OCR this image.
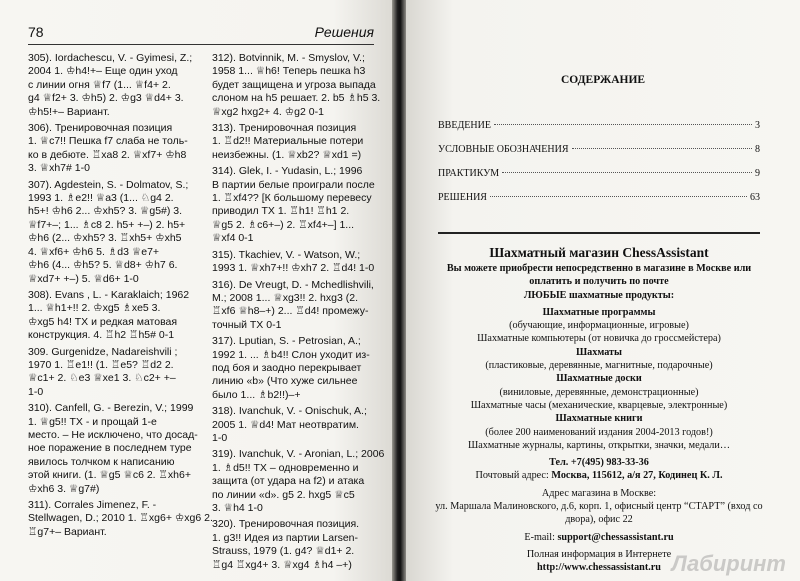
78	Решения
305). Iordachescu, V. - Gyimesi, Z.;
2004 1. ♔h4!+– Еще один уход
с линии огня ♕f7 (1... ♕f4+ 2.
g4 ♕f2+ 3. ♔h5) 2. ♔g3 ♕d4+ 3.
♔h5!+– Вариант.
306). Тренировочная позиция
1. ♕c7!! Пешка f7 слаба не толь-
ко в дебюте. ♖xa8 2. ♕xf7+ ♔h8
3. ♕xh7# 1-0
307). Agdestein, S. - Dolmatov, S.;
1993 1. ♗e2!! ♕a3 (1... ♘g4 2.
h5+! ♔h6 2... ♔xh5? 3. ♕g5#) 3.
♕f7+–; 1... ♗c8 2. h5+ +–) 2. h5+
♔h6 (2... ♔xh5? 3. ♖xh5+ ♔xh5
4. ♕xf6+ ♔h6 5. ♗d3 ♕e7+
♔h6 (4... ♔h5? 5. ♕d8+ ♔h7 6.
♕xd7+ +–) 5. ♕d6+ 1-0
308). Evans , L. - Karaklaich; 1962
1... ♕h1+!! 2. ♔xg5 ♗xe5 3.
♔xg5 h4! ТХ и редкая матовая
конструкция. 4. ♖h2 ♖h5# 0-1
309. Gurgenidze, Nadareishvili ;
1970 1. ♖e1!! (1. ♖e5? ♖d2 2.
♕c1+ 2. ♘e3 ♕xe1 3. ♘c2+ +–
1-0
310). Canfell, G. - Berezin, V.; 1999
1. ♕g5!! ТХ - и прощай 1-е
место. – Не исключено, что досад-
ное поражение в последнем туре
явилось толчком к написанию
этой книги. (1. ♕g5 ♕c6 2. ♖xh6+
♔xh6 3. ♕g7#)
311). Corrales Jimenez, F. -
Stellwagen, D.; 2010 1. ♖xg6+ ♔xg6 2.
♖g7+– Вариант.
312). Botvinnik, M. - Smyslov, V.;
1958 1... ♕h6! Теперь пешка h3
будет защищена и угроза выпада
слоном на h5 решает. 2. b5 ♗h5 3.
♕xg2 hxg2+ 4. ♔g2 0-1
313). Тренировочная позиция
1. ♖d2!! Материальные потери
неизбежны. (1. ♕xb2? ♕xd1 =)
314). Glek, I. - Yudasin, L.; 1996
В партии белые проиграли после
1. ♖xf4?? [К большому перевесу
приводил ТХ 1. ♖h1! ♖h1 2.
♕g5 2. ♗c6+–) 2. ♖xf4+–] 1...
♕xf4 0-1
315). Tkachiev, V. - Watson, W.;
1993 1. ♕xh7+!! ♔xh7 2. ♖d4! 1-0
316). De Vreugt, D. - Mchedlishvili,
M.; 2008 1... ♕xg3!! 2. hxg3 (2.
♖xf6 ♕h8–+) 2... ♖d4! промежу-
точный ТХ 0-1
317). Lputian, S. - Petrosian, A.;
1992 1. ... ♗b4!! Слон уходит из-
под боя и заодно перекрывает
линию «b» (Что хуже сильнее
было 1... ♗b2!!)–+
318). Ivanchuk, V. - Onischuk, A.;
2005 1. ♕d4! Мат неотвратим.
1-0
319). Ivanchuk, V. - Aronian, L.; 2006
1. ♗d5!! ТХ – одновременно и
защита (от удара на f2) и атака
по линии «d». g5 2. hxg5 ♕c5
3. ♕h4 1-0
320). Тренировочная позиция.
1. g3!! Идея из партии Larsen-
Strauss, 1979 (1. g4? ♕d1+ 2.
♖g4 ♖xg4+ 3. ♕xg4 ♗h4 –+)
СОДЕРЖАНИЕ
ВВЕДЕНИЕ	3
УСЛОВНЫЕ ОБОЗНАЧЕНИЯ	8
ПРАКТИКУМ	9
РЕШЕНИЯ	63
Шахматный магазин ChessAssistant
Вы можете приобрести непосредственно в магазине в Москве или
оплатить и получить по почте
ЛЮБЫЕ шахматные продукты:
Шахматные программы
(обучающие, информационные, игровые)
Шахматные компьютеры (от новичка до гроссмейстера)
Шахматы
(пластиковые, деревянные, магнитные, подарочные)
Шахматные доски
(виниловые, деревянные, демонстрационные)
Шахматные часы (механические, кварцевые, электронные)
Шахматные книги
(более 200 наименований издания 2004-2013 годов!)
Шахматные журналы, картины, открытки, значки, медали…
Тел. +7(495) 983-33-36
Почтовый адрес: Москва, 115612, а/я 27, Кодинец К. Л.
Адрес магазина в Москве:
ул. Маршала Малиновского, д.6, корп. 1, офисный центр “СТАРТ” (вход со
двора), офис 22
E-mail: support@chessassistant.ru
Полная информация в Интернете
http://www.chessassistant.ru Лабиринт
